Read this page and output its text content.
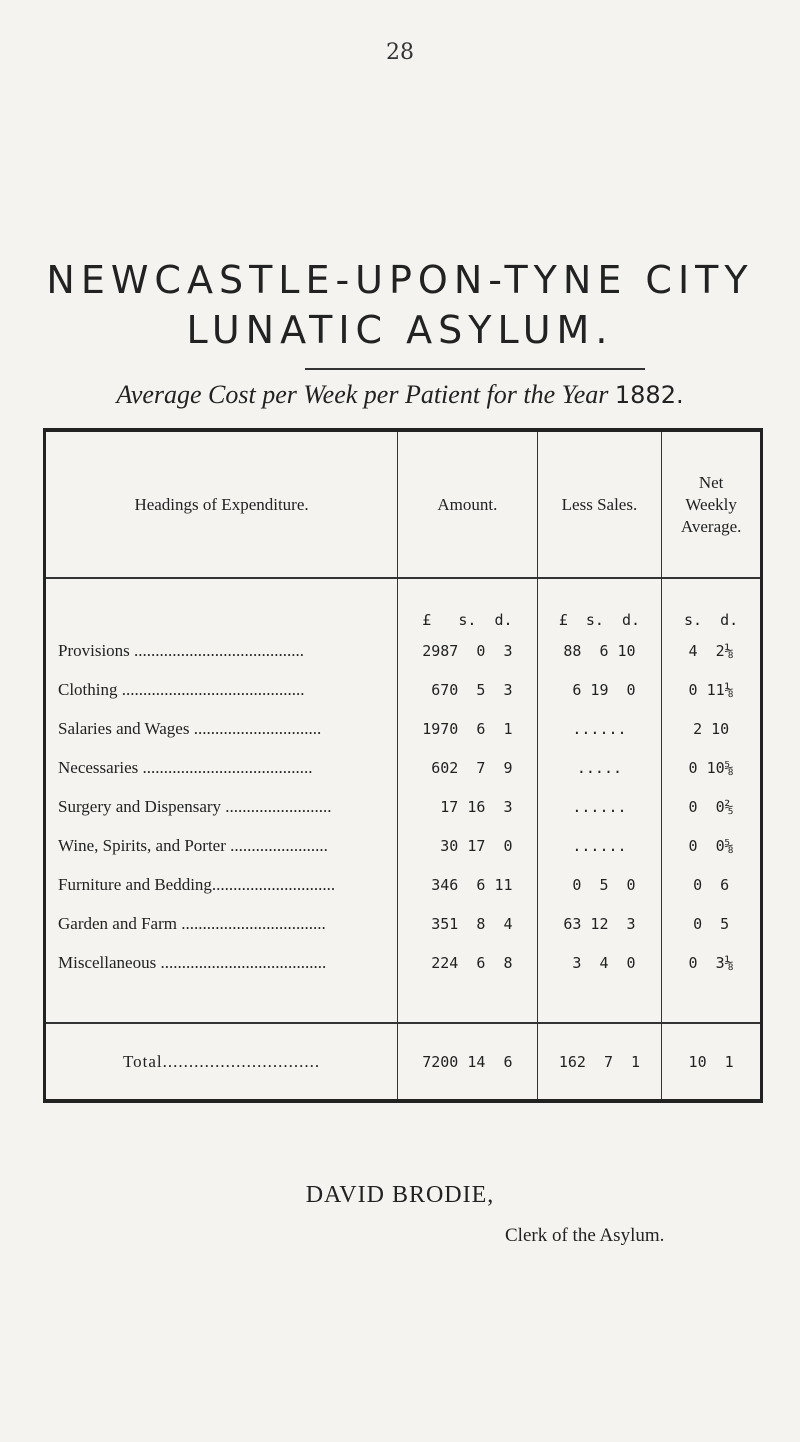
28
NEWCASTLE-UPON-TYNE CITY
LUNATIC ASYLUM.
Average Cost per Week per Patient for the Year 1882.

Headings of Expenditure.	Amount.	Less Sales.	Net
Weekly
Average.

	£   s.  d.	£  s.  d.	s.  d.
Provisions ........................................	2987  0  3	88  6 10	4  2⅛
Clothing ...........................................	670  5  3	6 19  0	0 11⅛
Salaries and Wages ..............................	1970  6  1	......	2 10
Necessaries ........................................	602  7  9	.....	0 10⅝
Surgery and Dispensary .........................	17 16  3	......	0  0⅖
Wine, Spirits, and Porter .......................	30 17  0	......	0  0⅝
Furniture and Bedding.............................	346  6 11	0  5  0	0  6
Garden and Farm ..................................	351  8  4	63 12  3	0  5
Miscellaneous .......................................	224  6  8	3  4  0	0  3⅛

Total..............................	7200 14  6	162  7  1	10  1
DAVID BRODIE,
Clerk of the Asylum.
